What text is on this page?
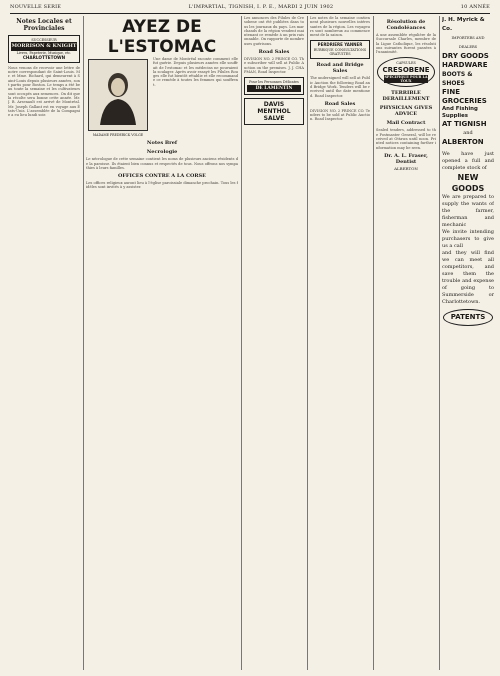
NOUVELLE SERIE	L'IMPARTIAL, TIGNISH, I. P. E., MARDI 2 JUIN 1902	10 ANNÉE
Notes Locales et Provinciales
SUCCESSEUR
MORRISON & KNIGHT
Livres, Papeterie, Musique, etc.
CHARLOTTETOWN
Nous venons de recevoir une lettre de notre correspondant de Saint-Louis. Mr. et Mme. Richard, qui demeurent à Saint-Louis depuis plusieurs années, sont partis pour Boston. Le temps a été beau toute la semaine et les cultivateurs sont occupés aux semences. On dit que la récolte sera bonne cette année. Mr. J. B. Arsenault est arrivé de Montréal. Mr. Joseph Gallant est en voyage aux États-Unis. L'assemblée de la Compagnie a eu lieu lundi soir.
AYEZ DE L'ESTOMAC
MADAME FREDERICK VOLGE
Une dame de Montréal raconte comment elle fut guérie. Depuis plusieurs années elle souffrait de l'estomac et les médecins ne pouvaient la soulager. Après avoir essayé les Pilules Rouges elle fut bientôt rétablie et elle recommande ce remède à toutes les femmes qui souffrent.
Notes Bref
Necrologie
Le nécrologue de cette semaine contient les noms de plusieurs anciens résidents de la paroisse. Ils étaient bien connus et respectés de tous. Nous offrons nos sympathies à leurs familles.
OFFICES CONTRE A LA CORSE
Les offices religieux auront lieu à l'église paroissiale dimanche prochain. Tous les fidèles sont invités à y assister.
Les annonces des Pilules de Cresobene ont été publiées dans tous les journaux du pays. Les marchands de la région vendent maintenant ce remède à un prix raisonnable. On rapporte de nombreuses guérisons.
Road Sales
DIVISION NO. 2 PRINCE CO. The subscriber will sell at Public Auction on the premises. J. J. CHAPMAN, Road Inspector.
Pour les Personnes Délicates
DE LAMENTIN
DAVIS MENTHOL SALVE
Les notes de la semaine contiennent plusieurs nouvelles intéressantes de la région. Les voyageurs sont nombreux au commencement de la saison.
PERDRIERE YANNER
RUBRIQUE CONSULTATIONS GRATUITES
Road and Bridge Sales
The undersigned will sell at Public Auction the following Road and Bridge Work. Tenders will be received until the date mentioned. Road Inspector.
Road Sales
DIVISION NO. 2 PRINCE CO. Tenders to be sold at Public Auction. Road Inspector.
Résolution de Condoléances
A une assemblée régulière de la Succursale Charles, membre de la Ligue Catholique, les résolutions suivantes furent passées à l'unanimité.
CAPSULES
CRESOBENE
SPECIFIQUE POUR LA TOUX
TERRIBLE DERAILLEMENT
PHYSICIAN GIVES ADVICE
Mail Contract
Sealed tenders, addressed to the Postmaster General, will be received at Ottawa until noon. Printed notices containing further information may be seen.
Dr. A. L. Fraser, Dentist
ALBERTON
J. H. Myrick & Co.
IMPORTERS AND DEALERS
DRY GOODS
HARDWARE
BOOTS & SHOES
FINE
GROCERIES
And Fishing Supplies
AT TIGNISH
and
ALBERTON
We have just opened a full and complete stock of
NEW GOODS
We are prepared to supply the wants of the farmer, fisherman and mechanic
We invite intending purchasers to give us a call
and they will find we can meet all competitors, and save them the trouble and expense of going to Summerside or Charlottetown.
PATENTS
